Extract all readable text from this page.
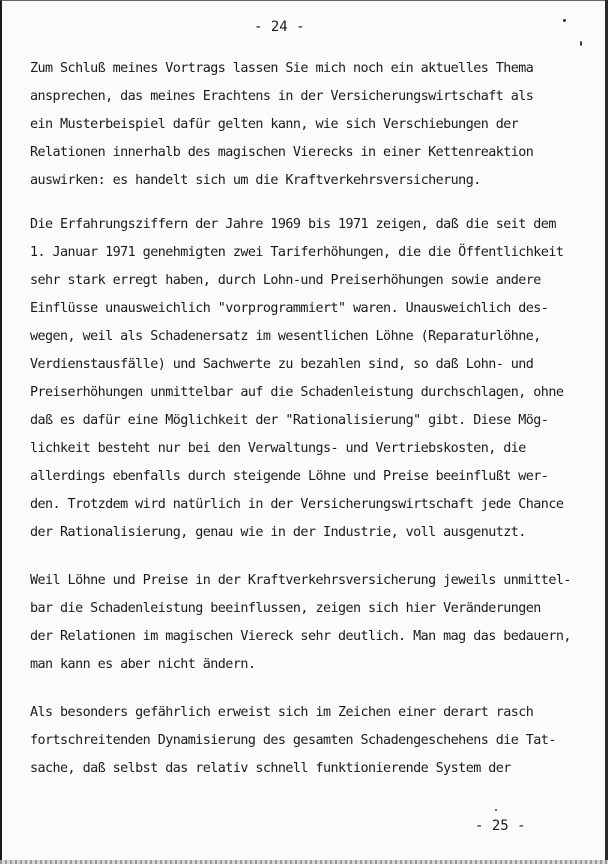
- 24 -
Zum Schluß meines Vortrags lassen Sie mich noch ein aktuelles Thema
ansprechen, das meines Erachtens in der Versicherungswirtschaft als
ein Musterbeispiel dafür gelten kann, wie sich Verschiebungen der
Relationen innerhalb des magischen Vierecks in einer Kettenreaktion
auswirken: es handelt sich um die Kraftverkehrsversicherung.
Die Erfahrungsziffern der Jahre 1969 bis 1971 zeigen, daß die seit dem
1. Januar 1971 genehmigten zwei Tariferhöhungen, die die Öffentlichkeit
sehr stark erregt haben, durch Lohn-und Preiserhöhungen sowie andere
Einflüsse unausweichlich "vorprogrammiert" waren. Unausweichlich des-
wegen, weil als Schadenersatz im wesentlichen Löhne (Reparaturlöhne,
Verdienstausfälle) und Sachwerte zu bezahlen sind, so daß Lohn- und
Preiserhöhungen unmittelbar auf die Schadenleistung durchschlagen, ohne
daß es dafür eine Möglichkeit der "Rationalisierung" gibt. Diese Mög-
lichkeit besteht nur bei den Verwaltungs- und Vertriebskosten, die
allerdings ebenfalls durch steigende Löhne und Preise beeinflußt wer-
den. Trotzdem wird natürlich in der Versicherungswirtschaft jede Chance
der Rationalisierung, genau wie in der Industrie, voll ausgenutzt.
Weil Löhne und Preise in der Kraftverkehrsversicherung jeweils unmittel-
bar die Schadenleistung beeinflussen, zeigen sich hier Veränderungen
der Relationen im magischen Viereck sehr deutlich. Man mag das bedauern,
man kann es aber nicht ändern.
Als besonders gefährlich erweist sich im Zeichen einer derart rasch
fortschreitenden Dynamisierung des gesamten Schadengeschehens die Tat-
sache, daß selbst das relativ schnell funktionierende System der
- 25 -
